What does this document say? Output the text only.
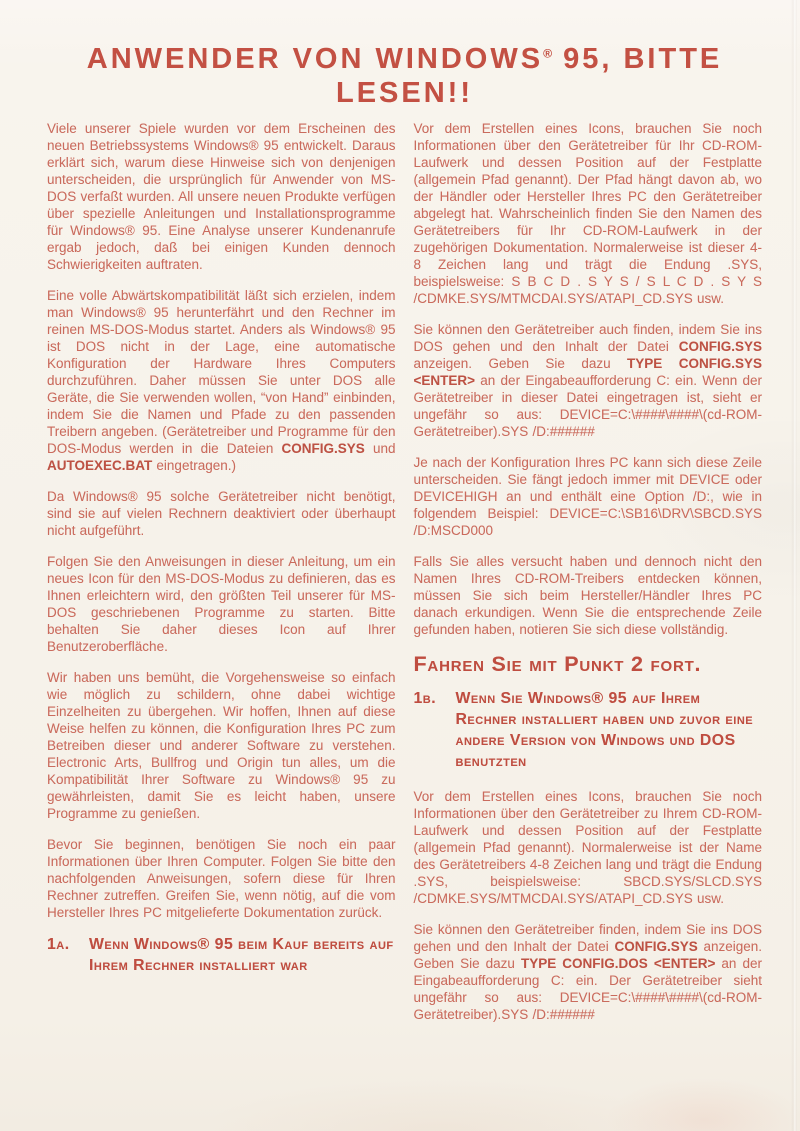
ANWENDER VON WINDOWS® 95, BITTE
LESEN!!

Viele unserer Spiele wurden vor dem Erscheinen des neuen Betriebssystems Windows® 95 entwickelt. Daraus erklärt sich, warum diese Hinweise sich von denjenigen unterscheiden, die ursprünglich für Anwender von MS-DOS verfaßt wurden. All unsere neuen Produkte verfügen über spezielle Anleitungen und Installationsprogramme für Windows® 95. Eine Analyse unserer Kundenanrufe ergab jedoch, daß bei einigen Kunden dennoch Schwierigkeiten auftraten.

Eine volle Abwärtskompatibilität läßt sich erzielen, indem man Windows® 95 herunterfährt und den Rechner im reinen MS-DOS-Modus startet. Anders als Windows® 95 ist DOS nicht in der Lage, eine automatische Konfiguration der Hardware Ihres Computers durchzuführen. Daher müssen Sie unter DOS alle Geräte, die Sie verwenden wollen, “von Hand” einbinden, indem Sie die Namen und Pfade zu den passenden Treibern angeben. (Gerätetreiber und Programme für den DOS-Modus werden in die Dateien CONFIG.SYS und AUTOEXEC.BAT eingetragen.)

Da Windows® 95 solche Gerätetreiber nicht benötigt, sind sie auf vielen Rechnern deaktiviert oder überhaupt nicht aufgeführt.

Folgen Sie den Anweisungen in dieser Anleitung, um ein neues Icon für den MS-DOS-Modus zu definieren, das es Ihnen erleichtern wird, den größten Teil unserer für MS-DOS geschriebenen Programme zu starten. Bitte behalten Sie daher dieses Icon auf Ihrer Benutzeroberfläche.

Wir haben uns bemüht, die Vorgehensweise so einfach wie möglich zu schildern, ohne dabei wichtige Einzelheiten zu übergehen. Wir hoffen, Ihnen auf diese Weise helfen zu können, die Konfiguration Ihres PC zum Betreiben dieser und anderer Software zu verstehen. Electronic Arts, Bullfrog und Origin tun alles, um die Kompatibilität Ihrer Software zu Windows® 95 zu gewährleisten, damit Sie es leicht haben, unsere Programme zu genießen.

Bevor Sie beginnen, benötigen Sie noch ein paar Informationen über Ihren Computer. Folgen Sie bitte den nachfolgenden Anweisungen, sofern diese für Ihren Rechner zutreffen. Greifen Sie, wenn nötig, auf die vom Hersteller Ihres PC mitgelieferte Dokumentation zurück.

1a.	Wenn Windows® 95 beim Kauf bereits auf Ihrem Rechner installiert war

Vor dem Erstellen eines Icons, brauchen Sie noch Informationen über den Gerätetreiber für Ihr CD-ROM-Laufwerk und dessen Position auf der Festplatte (allgemein Pfad genannt). Der Pfad hängt davon ab, wo der Händler oder Hersteller Ihres PC den Gerätetreiber abgelegt hat. Wahrscheinlich finden Sie den Namen des Gerätetreibers für Ihr CD-ROM-Laufwerk in der zugehörigen Dokumentation. Normalerweise ist dieser 4-8 Zeichen lang und trägt die Endung .SYS, beispielsweise: S B C D . S Y S / S L C D . S Y S /CDMKE.SYS/MTMCDAI.SYS/ATAPI_CD.SYS usw.

Sie können den Gerätetreiber auch finden, indem Sie ins DOS gehen und den Inhalt der Datei CONFIG.SYS anzeigen. Geben Sie dazu TYPE CONFIG.SYS <ENTER> an der Eingabeaufforderung C: ein. Wenn der Gerätetreiber in dieser Datei eingetragen ist, sieht er ungefähr so aus: DEVICE=C:\####\####\(cd-ROM-Gerätetreiber).SYS /D:######

Je nach der Konfiguration Ihres PC kann sich diese Zeile unterscheiden. Sie fängt jedoch immer mit DEVICE oder DEVICEHIGH an und enthält eine Option /D:, wie in folgendem Beispiel: DEVICE=C:\SB16\DRV\SBCD.SYS /D:MSCD000

Falls Sie alles versucht haben und dennoch nicht den Namen Ihres CD-ROM-Treibers entdecken können, müssen Sie sich beim Hersteller/Händler Ihres PC danach erkundigen. Wenn Sie die entsprechende Zeile gefunden haben, notieren Sie sich diese vollständig.

Fahren Sie mit Punkt 2 fort.
1b.	Wenn Sie Windows® 95 auf Ihrem Rechner installiert haben und zuvor eine andere Version von Windows und DOS benutzten

Vor dem Erstellen eines Icons, brauchen Sie noch Informationen über den Gerätetreiber zu Ihrem CD-ROM-Laufwerk und dessen Position auf der Festplatte (allgemein Pfad genannt). Normalerweise ist der Name des Gerätetreibers 4-8 Zeichen lang und trägt die Endung .SYS, beispielsweise: SBCD.SYS/SLCD.SYS /CDMKE.SYS/MTMCDAI.SYS/ATAPI_CD.SYS usw.

Sie können den Gerätetreiber finden, indem Sie ins DOS gehen und den Inhalt der Datei CONFIG.SYS anzeigen. Geben Sie dazu TYPE CONFIG.DOS <ENTER> an der Eingabeaufforderung C: ein. Der Gerätetreiber sieht ungefähr so aus: DEVICE=C:\####\####\(cd-ROM-Gerätetreiber).SYS /D:######
